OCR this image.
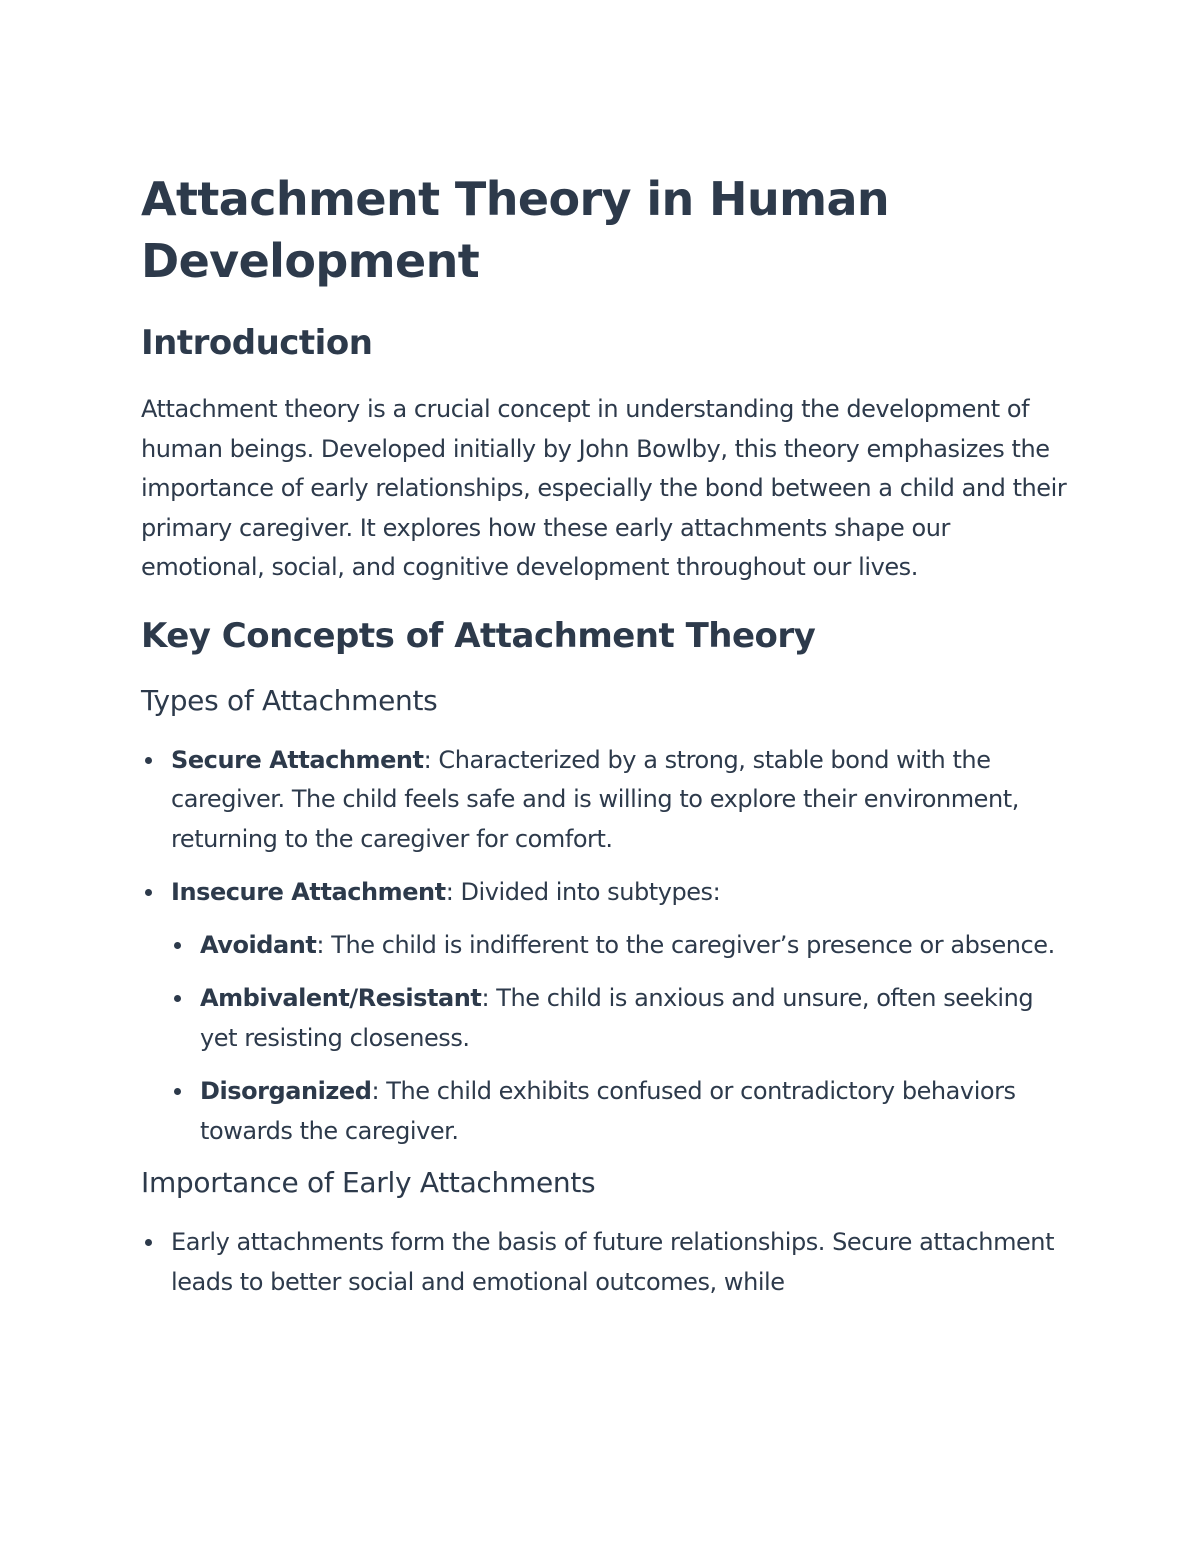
Attachment Theory in Human Development
Introduction

Attachment theory is a crucial concept in understanding the development of human beings. Developed initially by John Bowlby, this theory emphasizes the importance of early relationships, especially the bond between a child and their primary caregiver. It explores how these early attachments shape our emotional, social, and cognitive development throughout our lives.

Key Concepts of Attachment Theory
Types of Attachments
Secure Attachment: Characterized by a strong, stable bond with the caregiver. The child feels safe and is willing to explore their environment, returning to the caregiver for comfort.
Insecure Attachment: Divided into subtypes:
Avoidant: The child is indifferent to the caregiver’s presence or absence.
Ambivalent/Resistant: The child is anxious and unsure, often seeking yet resisting closeness.
Disorganized: The child exhibits confused or contradictory behaviors towards the caregiver.
Importance of Early Attachments
Early attachments form the basis of future relationships. Secure attachment leads to better social and emotional outcomes, while
